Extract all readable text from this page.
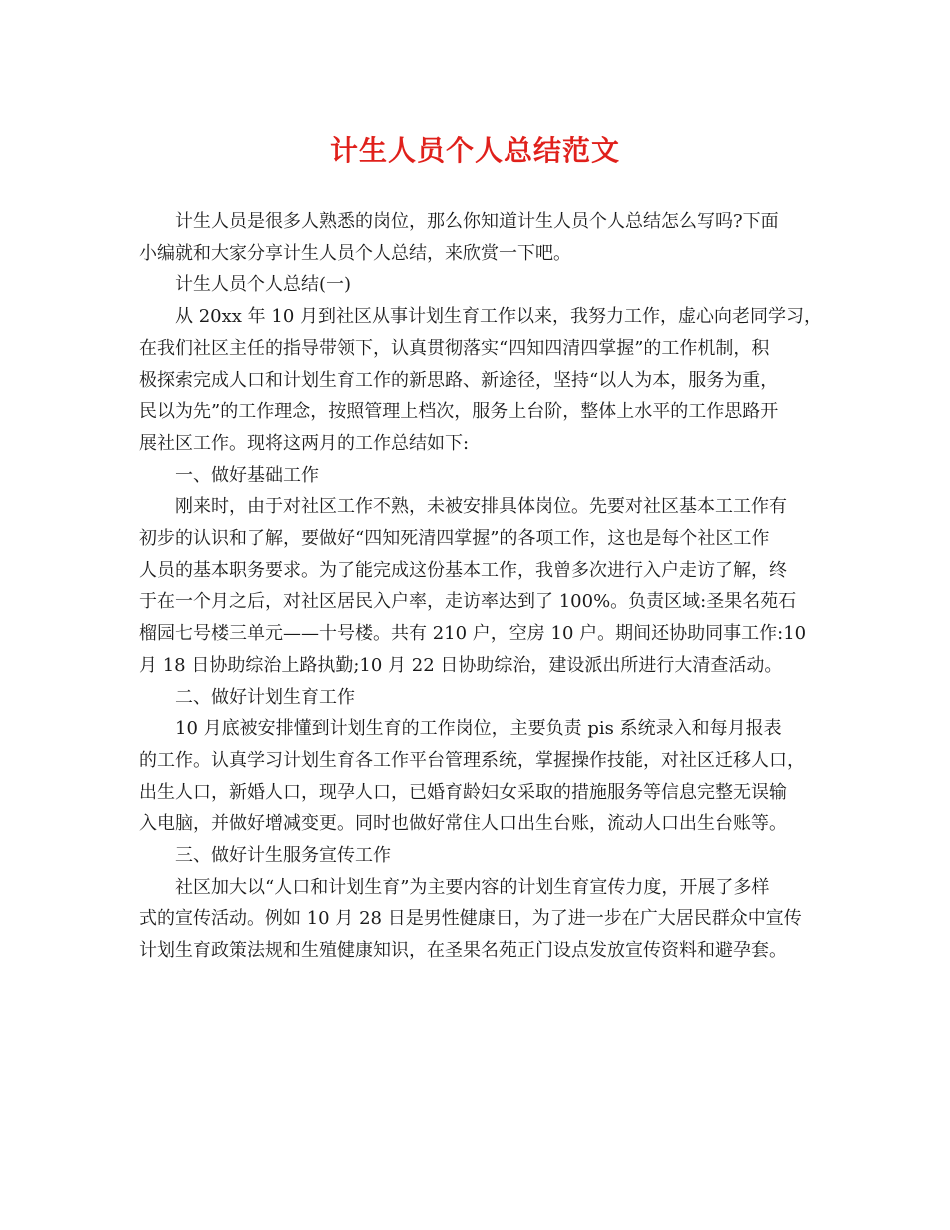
计生人员个人总结范文
计生人员是很多人熟悉的岗位，那么你知道计生人员个人总结怎么写吗?下面
小编就和大家分享计生人员个人总结，来欣赏一下吧。
计生人员个人总结(一)
从 20xx 年 10 月到社区从事计划生育工作以来，我努力工作，虚心向老同学习，
在我们社区主任的指导带领下，认真贯彻落实“四知四清四掌握”的工作机制，积
极探索完成人口和计划生育工作的新思路、新途径，坚持“以人为本，服务为重，
民以为先”的工作理念，按照管理上档次，服务上台阶，整体上水平的工作思路开
展社区工作。现将这两月的工作总结如下:
一、做好基础工作
刚来时，由于对社区工作不熟，未被安排具体岗位。先要对社区基本工工作有
初步的认识和了解，要做好“四知死清四掌握”的各项工作，这也是每个社区工作
人员的基本职务要求。为了能完成这份基本工作，我曾多次进行入户走访了解，终
于在一个月之后，对社区居民入户率，走访率达到了 100%。负责区域:圣果名苑石
榴园七号楼三单元——十号楼。共有 210 户，空房 10 户。期间还协助同事工作:10
月 18 日协助综治上路执勤;10 月 22 日协助综治，建设派出所进行大清查活动。
二、做好计划生育工作
10 月底被安排懂到计划生育的工作岗位，主要负责 pis 系统录入和每月报表
的工作。认真学习计划生育各工作平台管理系统，掌握操作技能，对社区迁移人口，
出生人口，新婚人口，现孕人口，已婚育龄妇女采取的措施服务等信息完整无误输
入电脑，并做好增减变更。同时也做好常住人口出生台账，流动人口出生台账等。
三、做好计生服务宣传工作
社区加大以“人口和计划生育”为主要内容的计划生育宣传力度，开展了多样
式的宣传活动。例如 10 月 28 日是男性健康日，为了进一步在广大居民群众中宣传
计划生育政策法规和生殖健康知识，在圣果名苑正门设点发放宣传资料和避孕套。
